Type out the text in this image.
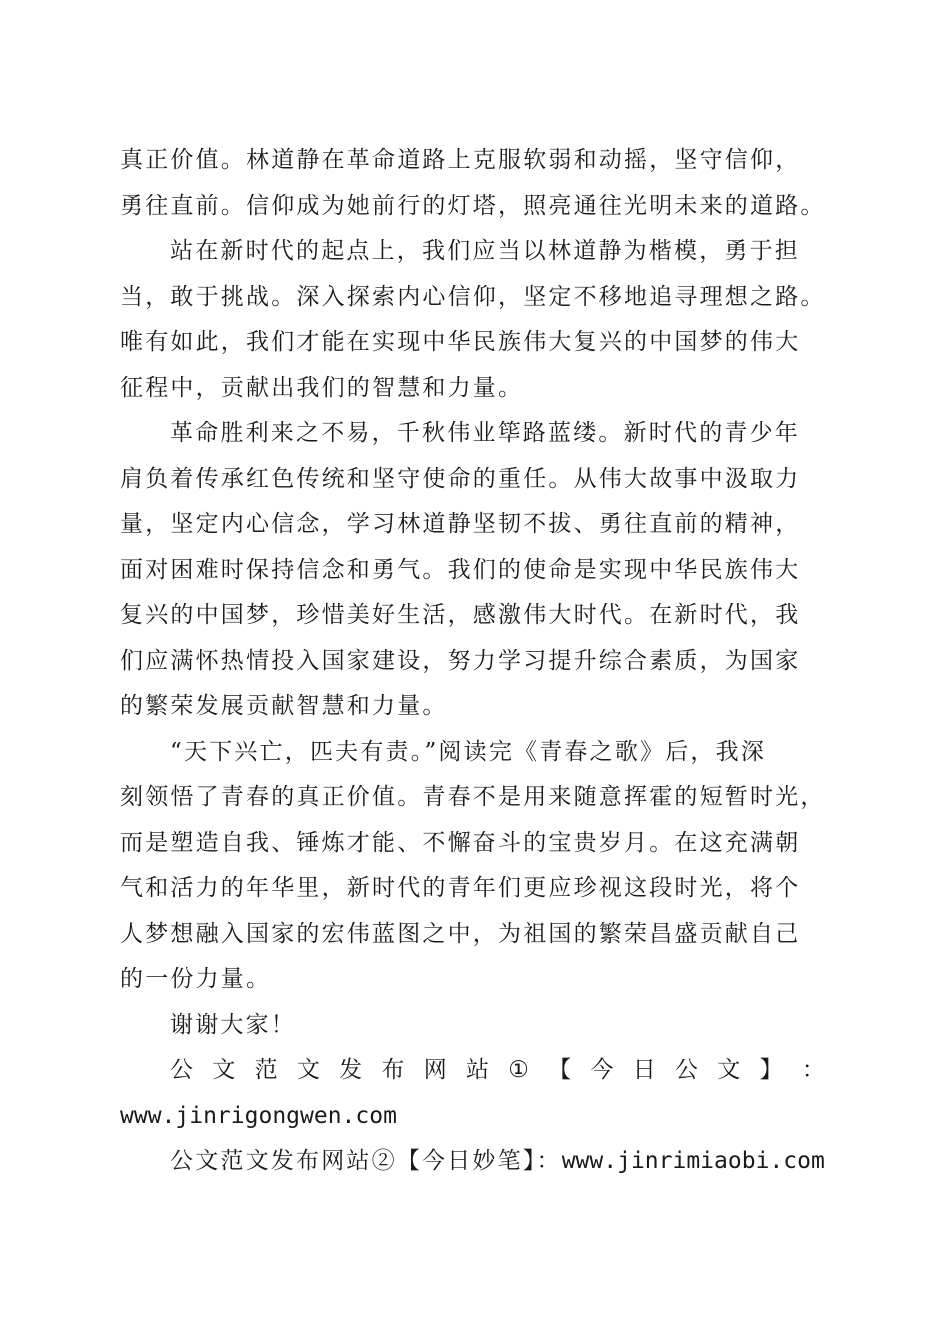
真正价值。林道静在革命道路上克服软弱和动摇，坚守信仰，
勇往直前。信仰成为她前行的灯塔，照亮通往光明未来的道路。
站在新时代的起点上，我们应当以林道静为楷模，勇于担
当，敢于挑战。深入探索内心信仰，坚定不移地追寻理想之路。
唯有如此，我们才能在实现中华民族伟大复兴的中国梦的伟大
征程中，贡献出我们的智慧和力量。
革命胜利来之不易，千秋伟业筚路蓝缕。新时代的青少年
肩负着传承红色传统和坚守使命的重任。从伟大故事中汲取力
量，坚定内心信念，学习林道静坚韧不拔、勇往直前的精神，
面对困难时保持信念和勇气。我们的使命是实现中华民族伟大
复兴的中国梦，珍惜美好生活，感激伟大时代。在新时代，我
们应满怀热情投入国家建设，努力学习提升综合素质，为国家
的繁荣发展贡献智慧和力量。
“天下兴亡，匹夫有责。”阅读完《青春之歌》后，我深
刻领悟了青春的真正价值。青春不是用来随意挥霍的短暂时光，
而是塑造自我、锤炼才能、不懈奋斗的宝贵岁月。在这充满朝
气和活力的年华里，新时代的青年们更应珍视这段时光，将个
人梦想融入国家的宏伟蓝图之中，为祖国的繁荣昌盛贡献自己
的一份力量。
谢谢大家！
公 文 范 文 发 布 网 站 ① 【 今 日 公 文 】 ：
www.jinrigongwen.com
公文范文发布网站②【今日妙笔】：www.jinrimiaobi.com
